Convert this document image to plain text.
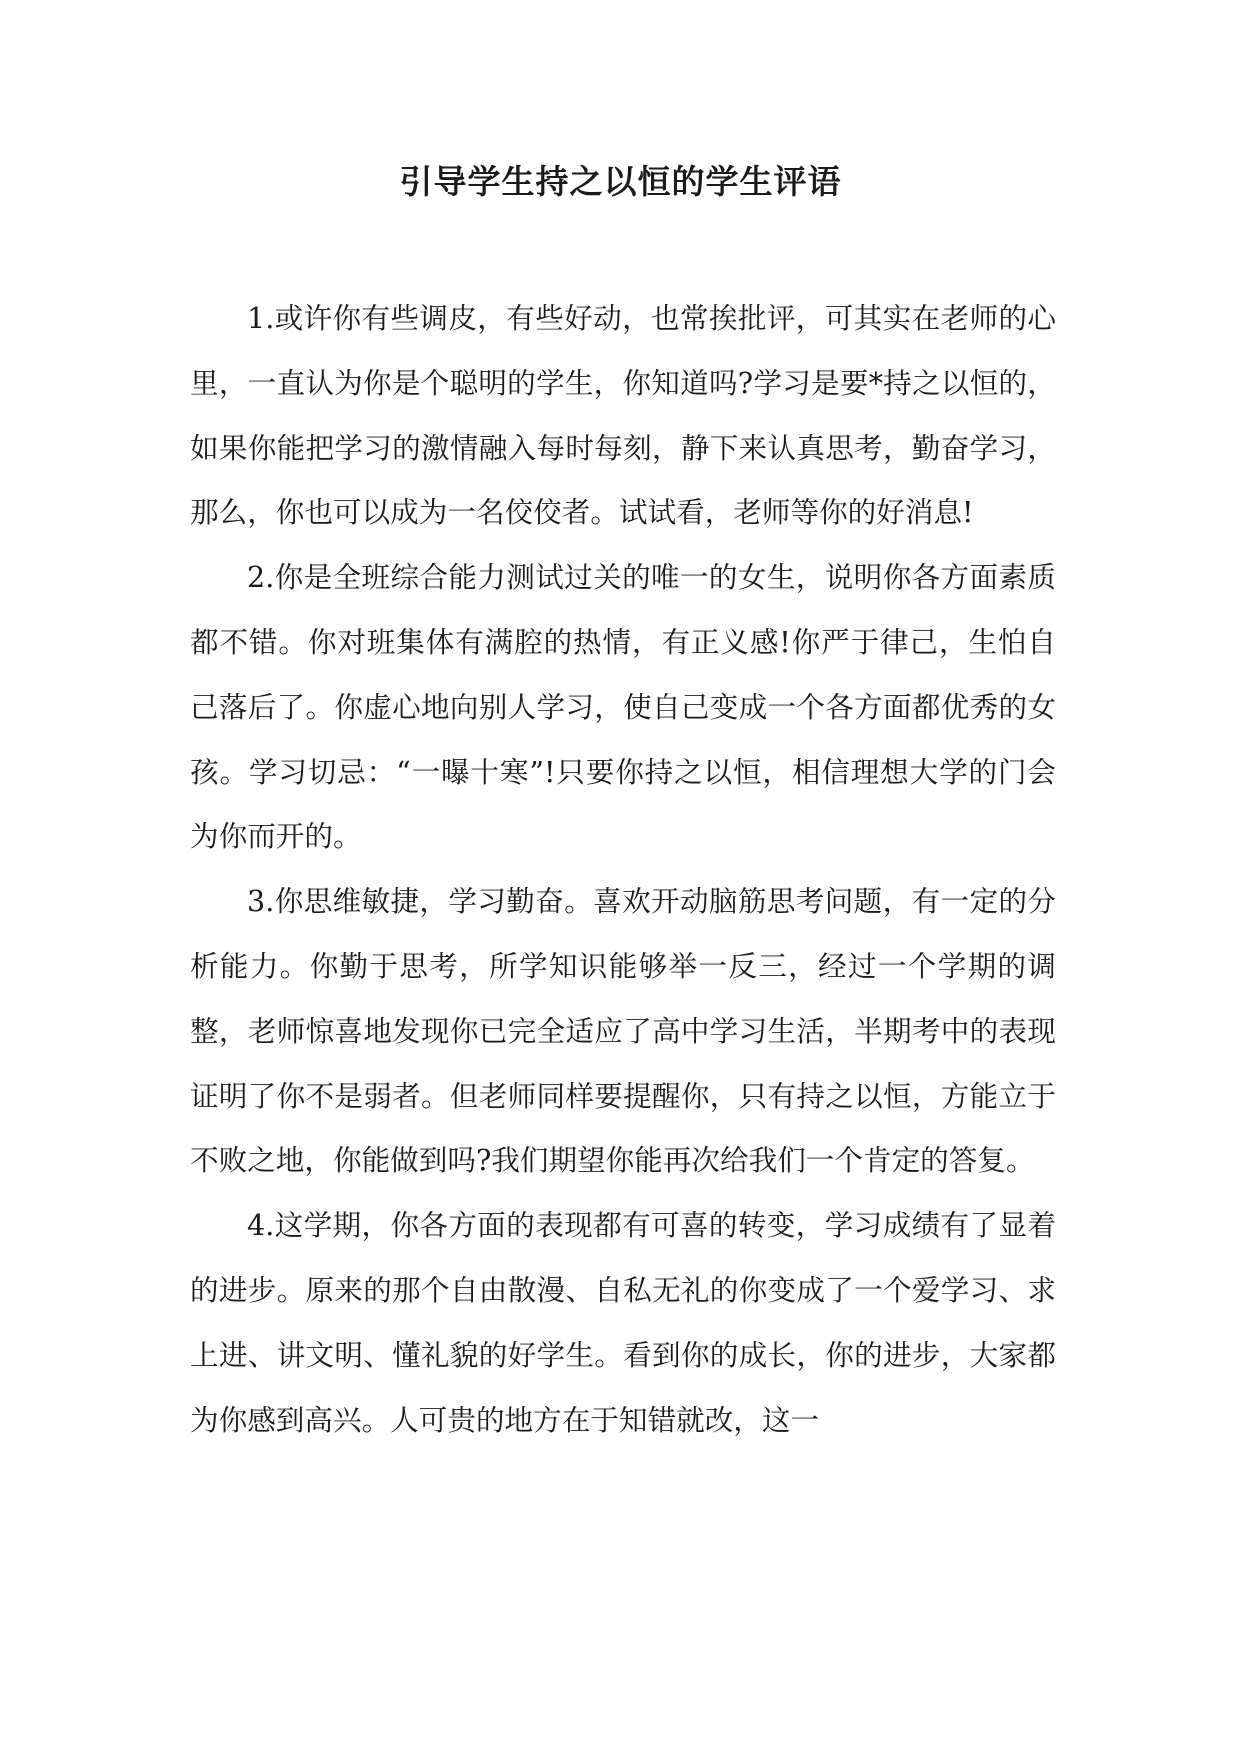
引导学生持之以恒的学生评语

1.或许你有些调皮，有些好动，也常挨批评，可其实在老师的心里，一直认为你是个聪明的学生，你知道吗?学习是要*持之以恒的，如果你能把学习的激情融入每时每刻，静下来认真思考，勤奋学习，那么，你也可以成为一名佼佼者。试试看，老师等你的好消息!

2.你是全班综合能力测试过关的唯一的女生，说明你各方面素质都不错。你对班集体有满腔的热情，有正义感!你严于律己，生怕自己落后了。你虚心地向别人学习，使自己变成一个各方面都优秀的女孩。学习切忌：“一曝十寒”!只要你持之以恒，相信理想大学的门会为你而开的。

3.你思维敏捷，学习勤奋。喜欢开动脑筋思考问题，有一定的分析能力。你勤于思考，所学知识能够举一反三，经过一个学期的调整，老师惊喜地发现你已完全适应了高中学习生活，半期考中的表现证明了你不是弱者。但老师同样要提醒你，只有持之以恒，方能立于不败之地，你能做到吗?我们期望你能再次给我们一个肯定的答复。

4.这学期，你各方面的表现都有可喜的转变，学习成绩有了显着的进步。原来的那个自由散漫、自私无礼的你变成了一个爱学习、求上进、讲文明、懂礼貌的好学生。看到你的成长，你的进步，大家都为你感到高兴。人可贵的地方在于知错就改，这一
